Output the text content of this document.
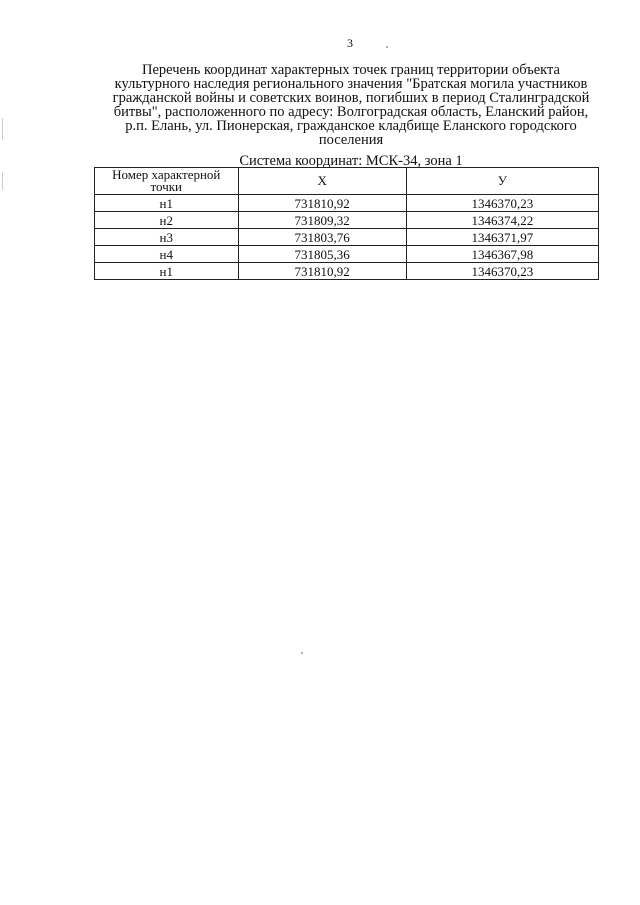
3
Перечень координат характерных точек границ территории объекта
культурного наследия регионального значения "Братская могила участников
гражданской войны и советских воинов, погибших в период Сталинградской
битвы", расположенного по адресу: Волгоградская область, Еланский район,
р.п. Елань, ул. Пионерская, гражданское кладбище Еланского городского
поселения
Система координат: МСК-34, зона 1
Номер характерной точки	X	У
н1	731810,92	1346370,23
н2	731809,32	1346374,22
н3	731803,76	1346371,97
н4	731805,36	1346367,98
н1	731810,92	1346370,23
